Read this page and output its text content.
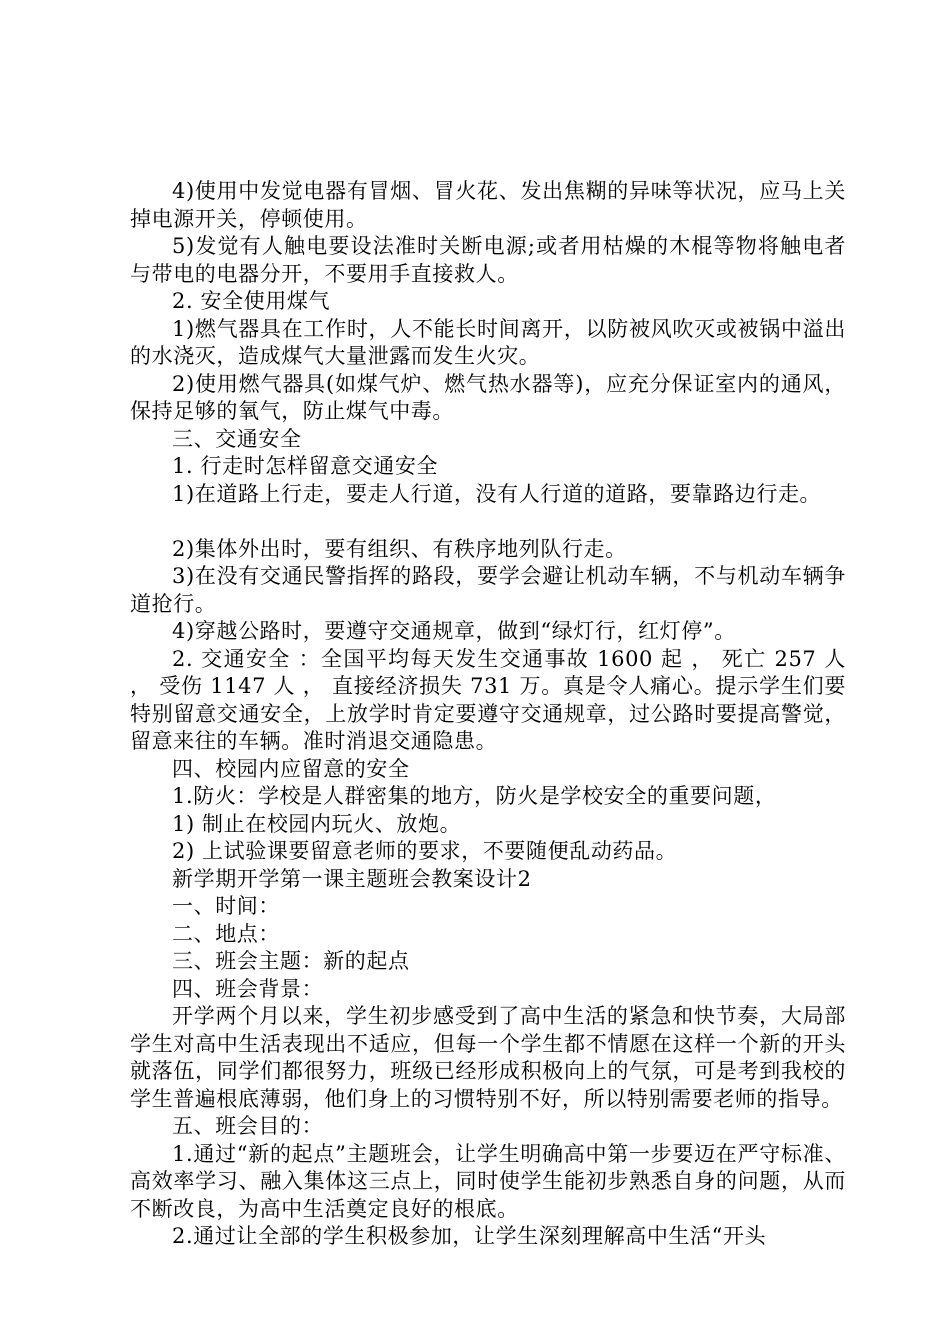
4)使用中发觉电器有冒烟、冒火花、发出焦糊的异味等状况，应马上关掉电源开关，停顿使用。

5)发觉有人触电要设法准时关断电源;或者用枯燥的木棍等物将触电者与带电的电器分开，不要用手直接救人。

2. 安全使用煤气

1)燃气器具在工作时，人不能长时间离开，以防被风吹灭或被锅中溢出的水浇灭，造成煤气大量泄露而发生火灾。

2)使用燃气器具(如煤气炉、燃气热水器等)，应充分保证室内的通风，保持足够的氧气，防止煤气中毒。

三、交通安全

1. 行走时怎样留意交通安全

1)在道路上行走，要走人行道，没有人行道的道路，要靠路边行走。

2)集体外出时，要有组织、有秩序地列队行走。

3)在没有交通民警指挥的路段，要学会避让机动车辆，不与机动车辆争道抢行。

4)穿越公路时，要遵守交通规章，做到“绿灯行，红灯停”。

2. 交通安全 ：全国平均每天发生交通事故 1600 起 ， 死亡 257 人 ， 受伤 1147 人 ， 直接经济损失 731 万。真是令人痛心。提示学生们要特别留意交通安全，上放学时肯定要遵守交通规章，过公路时要提高警觉，留意来往的车辆。准时消退交通隐患。

四、校园内应留意的安全

1.防火：学校是人群密集的地方，防火是学校安全的重要问题，

1) 制止在校园内玩火、放炮。

2) 上试验课要留意老师的要求，不要随便乱动药品。

新学期开学第一课主题班会教案设计2

一、时间：

二、地点：

三、班会主题：新的起点

四、班会背景：

开学两个月以来，学生初步感受到了高中生活的紧急和快节奏，大局部学生对高中生活表现出不适应，但每一个学生都不情愿在这样一个新的开头就落伍，同学们都很努力，班级已经形成积极向上的气氛，可是考到我校的学生普遍根底薄弱，他们身上的习惯特别不好，所以特别需要老师的指导。

五、班会目的：

1.通过“新的起点”主题班会，让学生明确高中第一步要迈在严守标准、高效率学习、融入集体这三点上，同时使学生能初步熟悉自身的问题，从而不断改良，为高中生活奠定良好的根底。

2.通过让全部的学生积极参加，让学生深刻理解高中生活“开头
